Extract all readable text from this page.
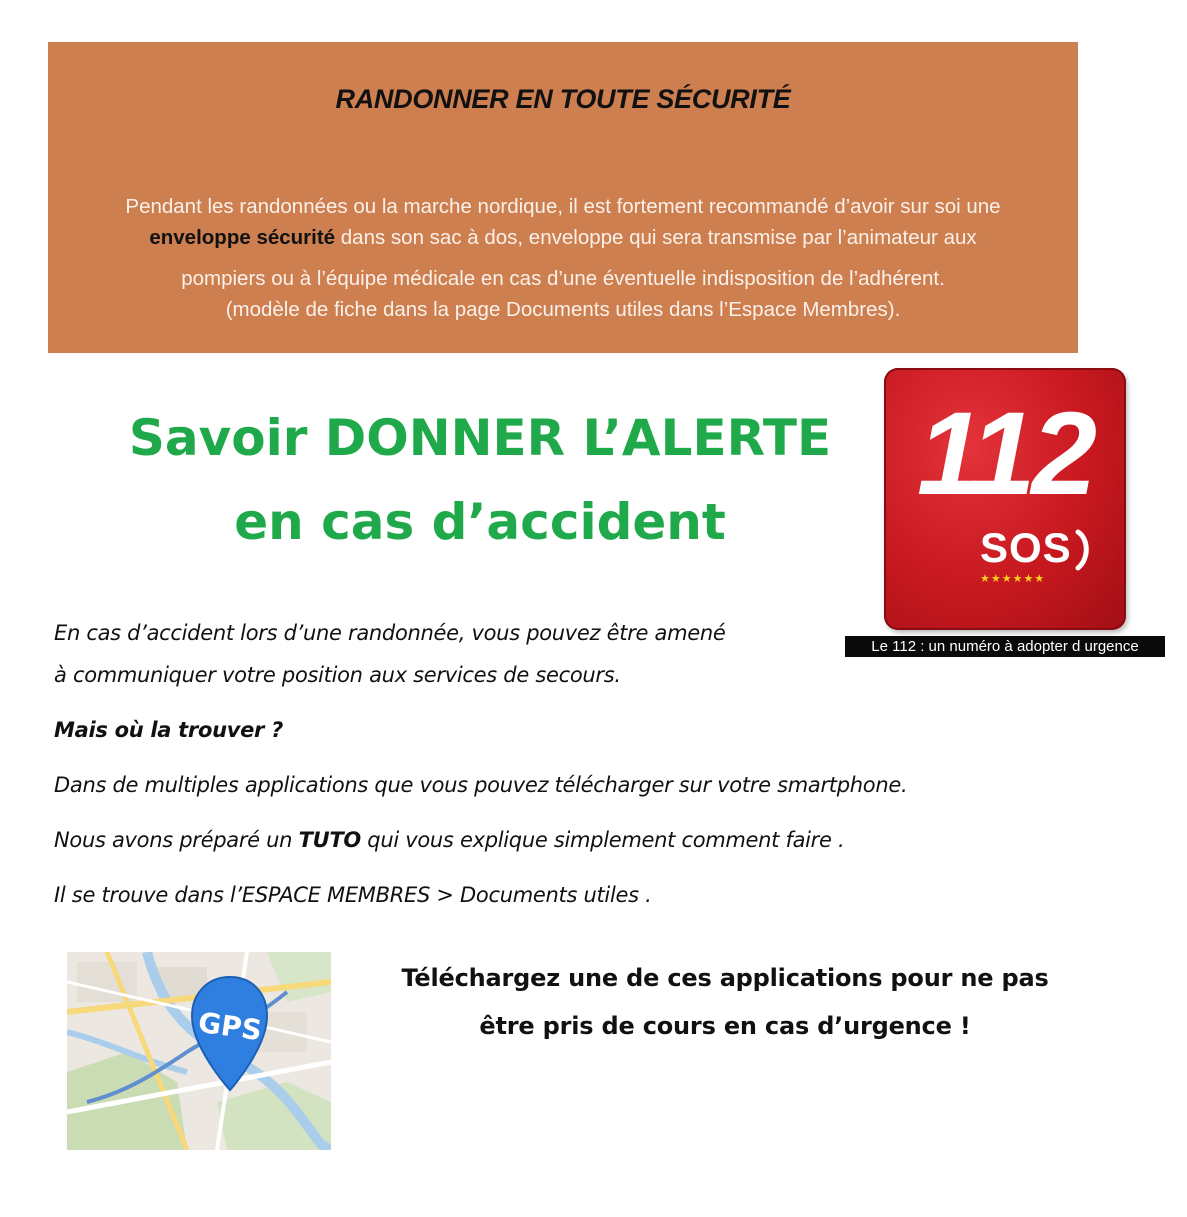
RANDONNER EN TOUTE SÉCURITÉ
Pendant les randonnées ou la marche nordique, il est fortement recommandé d’avoir sur soi une
enveloppe sécurité dans son sac à dos, enveloppe qui sera transmise par l’animateur aux
pompiers ou à l’équipe médicale en cas d’une éventuelle indisposition de l’adhérent.
(modèle de fiche dans la page Documents utiles dans l’Espace Membres).
Savoir DONNER L’ALERTE
en cas d’accident
112
SOS
★★★★★★
Le 112 : un numéro à adopter d urgence
En cas d’accident lors d’une randonnée, vous pouvez être amené
à communiquer votre position aux services de secours.
Mais où la trouver ?
Dans de multiples applications que vous pouvez télécharger sur votre smartphone.
Nous avons préparé un TUTO qui vous explique simplement comment faire .
Il se trouve dans l’ESPACE MEMBRES > Documents utiles .
GPS
Téléchargez une de ces applications pour ne pas
être pris de cours en cas d’urgence !
